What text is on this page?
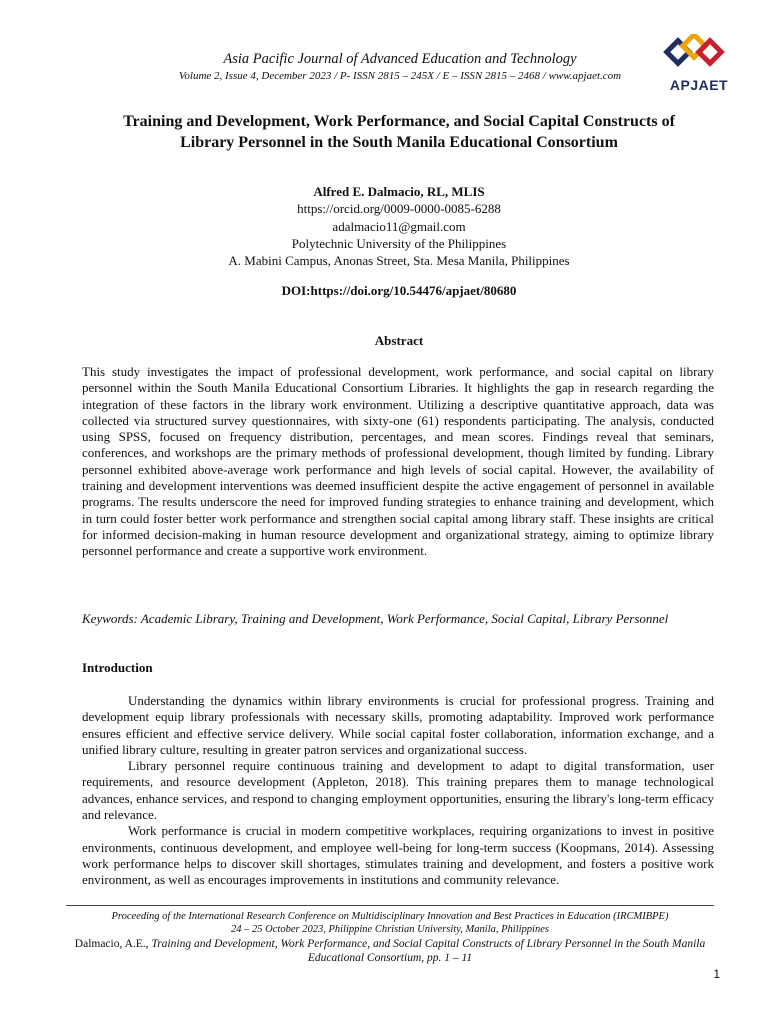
Asia Pacific Journal of Advanced Education and Technology
Volume 2, Issue 4, December 2023 / P- ISSN 2815 – 245X / E – ISSN 2815 – 2468 / www.apjaet.com
APJAET
Training and Development, Work Performance, and Social Capital Constructs of
Library Personnel in the South Manila Educational Consortium
Alfred E. Dalmacio, RL, MLIS
https://orcid.org/0009-0000-0085-6288
adalmacio11@gmail.com
Polytechnic University of the Philippines
A. Mabini Campus, Anonas Street, Sta. Mesa Manila, Philippines
DOI:https://doi.org/10.54476/apjaet/80680
Abstract

This study investigates the impact of professional development, work performance, and social capital on library personnel within the South Manila Educational Consortium Libraries. It highlights the gap in research regarding the integration of these factors in the library work environment. Utilizing a descriptive quantitative approach, data was collected via structured survey questionnaires, with sixty-one (61) respondents participating. The analysis, conducted using SPSS, focused on frequency distribution, percentages, and mean scores. Findings reveal that seminars, conferences, and workshops are the primary methods of professional development, though limited by funding. Library personnel exhibited above-average work performance and high levels of social capital. However, the availability of training and development interventions was deemed insufficient despite the active engagement of personnel in available programs. The results underscore the need for improved funding strategies to enhance training and development, which in turn could foster better work performance and strengthen social capital among library staff. These insights are critical for informed decision-making in human resource development and organizational strategy, aiming to optimize library personnel performance and create a supportive work environment.

Keywords: Academic Library, Training and Development, Work Performance, Social Capital, Library Personnel
Introduction

Understanding the dynamics within library environments is crucial for professional progress. Training and development equip library professionals with necessary skills, promoting adaptability. Improved work performance ensures efficient and effective service delivery. While social capital foster collaboration, information exchange, and a unified library culture, resulting in greater patron services and organizational success.

Library personnel require continuous training and development to adapt to digital transformation, user requirements, and resource development (Appleton, 2018). This training prepares them to manage technological advances, enhance services, and respond to changing employment opportunities, ensuring the library's long-term efficacy and relevance.

Work performance is crucial in modern competitive workplaces, requiring organizations to invest in positive environments, continuous development, and employee well-being for long-term success (Koopmans, 2014). Assessing work performance helps to discover skill shortages, stimulates training and development, and fosters a positive work environment, as well as encourages improvements in institutions and community relevance.

Proceeding of the International Research Conference on Multidisciplinary Innovation and Best Practices in Education (IRCMIBPE)
24 – 25 October 2023, Philippine Christian University, Manila, Philippines
Dalmacio, A.E., Training and Development, Work Performance, and Social Capital Constructs of Library Personnel in the South Manila Educational Consortium, pp. 1 – 11
1
